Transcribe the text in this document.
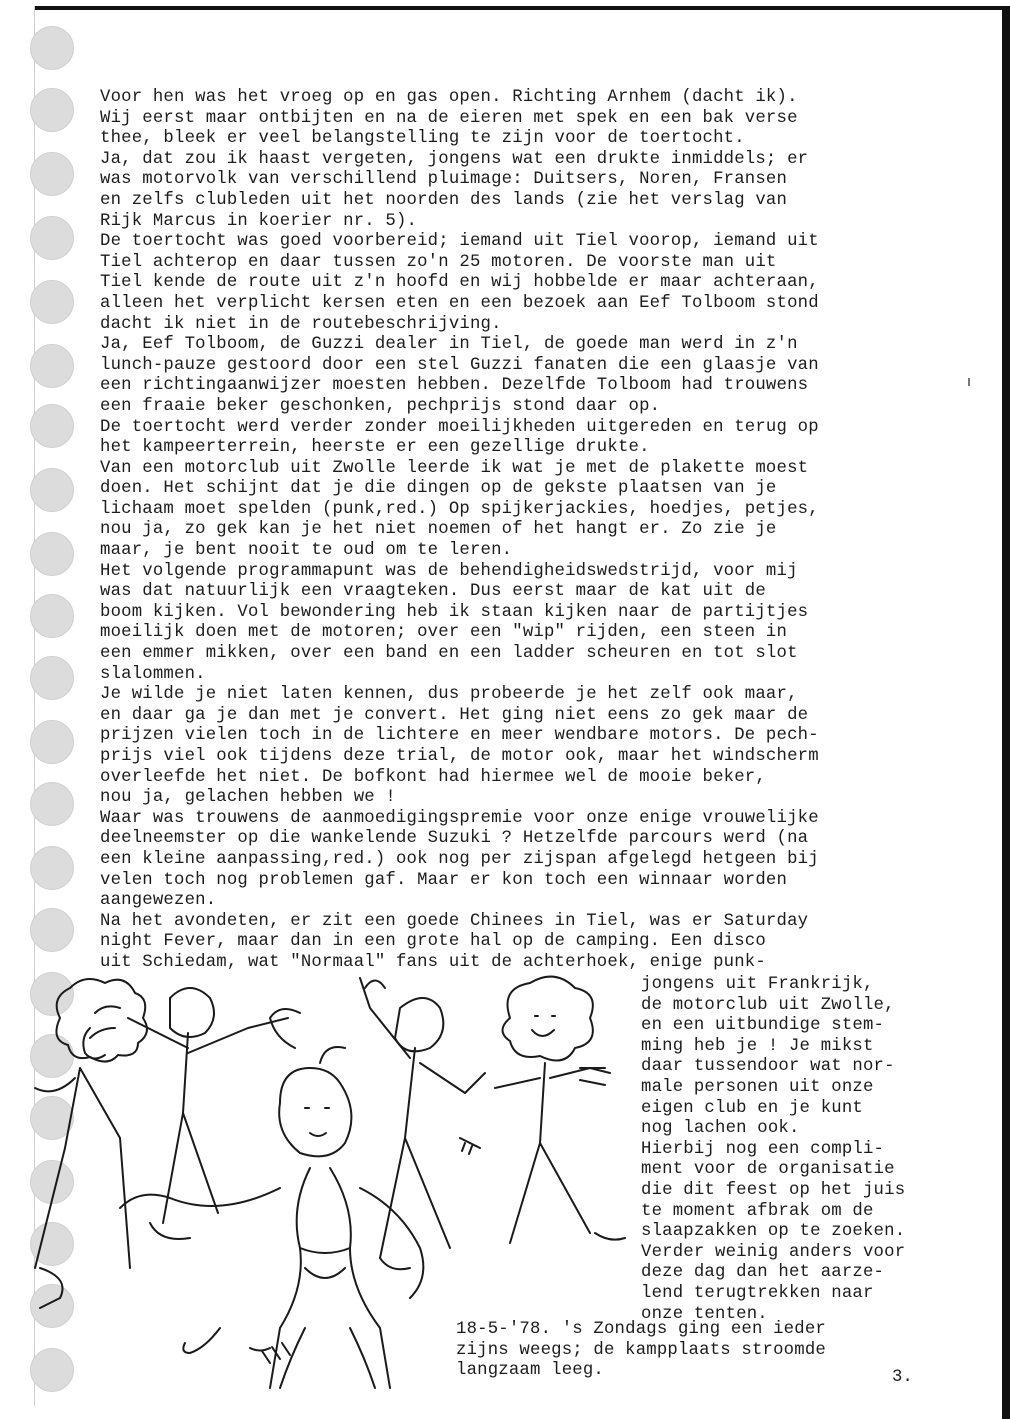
Voor hen was het vroeg op en gas open. Richting Arnhem (dacht ik).
Wij eerst maar ontbijten en na de eieren met spek en een bak verse
thee, bleek er veel belangstelling te zijn voor de toertocht.
Ja, dat zou ik haast vergeten, jongens wat een drukte inmiddels; er
was motorvolk van verschillend pluimage: Duitsers, Noren, Fransen
en zelfs clubleden uit het noorden des lands (zie het verslag van
Rijk Marcus in koerier nr. 5).
De toertocht was goed voorbereid; iemand uit Tiel voorop, iemand uit
Tiel achterop en daar tussen zo'n 25 motoren. De voorste man uit
Tiel kende de route uit z'n hoofd en wij hobbelde er maar achteraan,
alleen het verplicht kersen eten en een bezoek aan Eef Tolboom stond
dacht ik niet in de routebeschrijving.
Ja, Eef Tolboom, de Guzzi dealer in Tiel, de goede man werd in z'n
lunch-pauze gestoord door een stel Guzzi fanaten die een glaasje van
een richtingaanwijzer moesten hebben. Dezelfde Tolboom had trouwens
een fraaie beker geschonken, pechprijs stond daar op.
De toertocht werd verder zonder moeilijkheden uitgereden en terug op
het kampeerterrein, heerste er een gezellige drukte.
Van een motorclub uit Zwolle leerde ik wat je met de plakette moest
doen. Het schijnt dat je die dingen op de gekste plaatsen van je
lichaam moet spelden (punk,red.) Op spijkerjackies, hoedjes, petjes,
nou ja, zo gek kan je het niet noemen of het hangt er. Zo zie je
maar, je bent nooit te oud om te leren.
Het volgende programmapunt was de behendigheidswedstrijd, voor mij
was dat natuurlijk een vraagteken. Dus eerst maar de kat uit de
boom kijken. Vol bewondering heb ik staan kijken naar de partijtjes
moeilijk doen met de motoren; over een "wip" rijden, een steen in
een emmer mikken, over een band en een ladder scheuren en tot slot
slalommen.
Je wilde je niet laten kennen, dus probeerde je het zelf ook maar,
en daar ga je dan met je convert. Het ging niet eens zo gek maar de
prijzen vielen toch in de lichtere en meer wendbare motors. De pech-
prijs viel ook tijdens deze trial, de motor ook, maar het windscherm
overleefde het niet. De bofkont had hiermee wel de mooie beker,
nou ja, gelachen hebben we !
Waar was trouwens de aanmoedigingspremie voor onze enige vrouwelijke
deelneemster op die wankelende Suzuki ? Hetzelfde parcours werd (na
een kleine aanpassing,red.) ook nog per zijspan afgelegd hetgeen bij
velen toch nog problemen gaf. Maar er kon toch een winnaar worden
aangewezen.
Na het avondeten, er zit een goede Chinees in Tiel, was er Saturday
night Fever, maar dan in een grote hal op de camping. Een disco
uit Schiedam, wat "Normaal" fans uit de achterhoek, enige punk-
jongens uit Frankrijk,
de motorclub uit Zwolle,
en een uitbundige stem-
ming heb je ! Je mikst
daar tussendoor wat nor-
male personen uit onze
eigen club en je kunt
nog lachen ook.
Hierbij nog een compli-
ment voor de organisatie
die dit feest op het juis
te moment afbrak om de
slaapzakken op te zoeken.
Verder weinig anders voor
deze dag dan het aarze-
lend terugtrekken naar
onze tenten.
18-5-'78. 's Zondags ging een ieder
zijns weegs; de kampplaats stroomde
langzaam leeg.	3.
